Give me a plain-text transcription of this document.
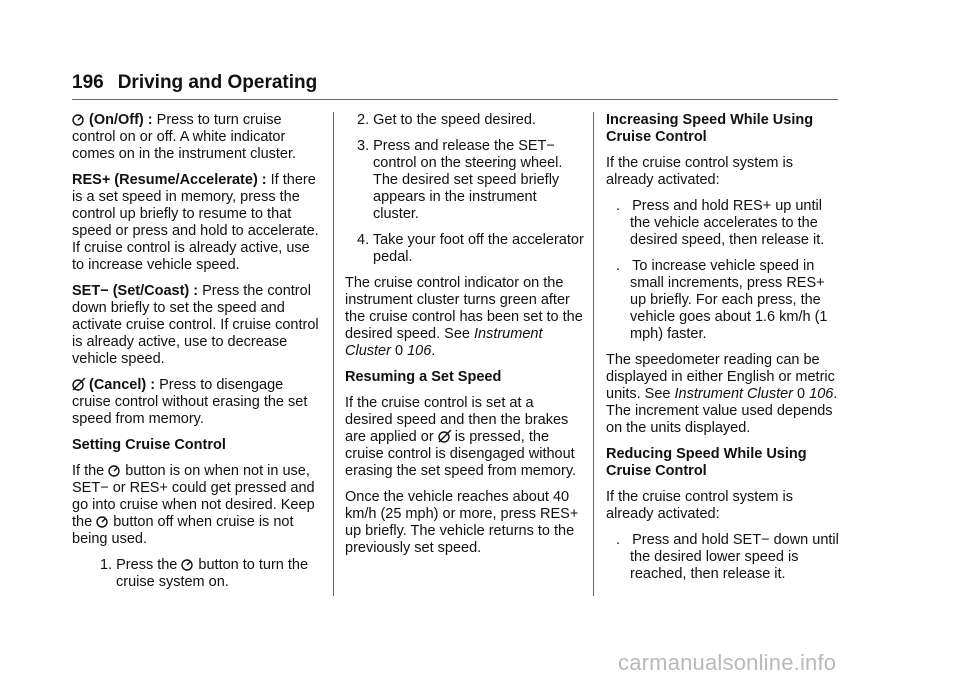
196 Driving and Operating

(On/Off) : Press to turn cruise control on or off. A white indicator comes on in the instrument cluster.

RES+ (Resume/Accelerate) : If there is a set speed in memory, press the control up briefly to resume to that speed or press and hold to accelerate. If cruise control is already active, use to increase vehicle speed.

SET− (Set/Coast) : Press the control down briefly to set the speed and activate cruise control. If cruise control is already active, use to decrease vehicle speed.

(Cancel) : Press to disengage cruise control without erasing the set speed from memory.

Setting Cruise Control

If the button is on when not in use, SET− or RES+ could get pressed and go into cruise when not desired. Keep the button off when cruise is not being used.

1. Press the button to turn the cruise system on.

2. Get to the speed desired.

3. Press and release the SET− control on the steering wheel. The desired set speed briefly appears in the instrument cluster.

4. Take your foot off the accelerator pedal.

The cruise control indicator on the instrument cluster turns green after the cruise control has been set to the desired speed. See Instrument Cluster 0 106.

Resuming a Set Speed

If the cruise control is set at a desired speed and then the brakes are applied or is pressed, the cruise control is disengaged without erasing the set speed from memory.

Once the vehicle reaches about 40 km/h (25 mph) or more, press RES+ up briefly. The vehicle returns to the previously set speed.

Increasing Speed While Using Cruise Control

If the cruise control system is already activated:

. Press and hold RES+ up until the vehicle accelerates to the desired speed, then release it.

. To increase vehicle speed in small increments, press RES+ up briefly. For each press, the vehicle goes about 1.6 km/h (1 mph) faster.

The speedometer reading can be displayed in either English or metric units. See Instrument Cluster 0 106. The increment value used depends on the units displayed.

Reducing Speed While Using Cruise Control

If the cruise control system is already activated:

. Press and hold SET− down until the desired lower speed is reached, then release it.

carmanualsonline.info
